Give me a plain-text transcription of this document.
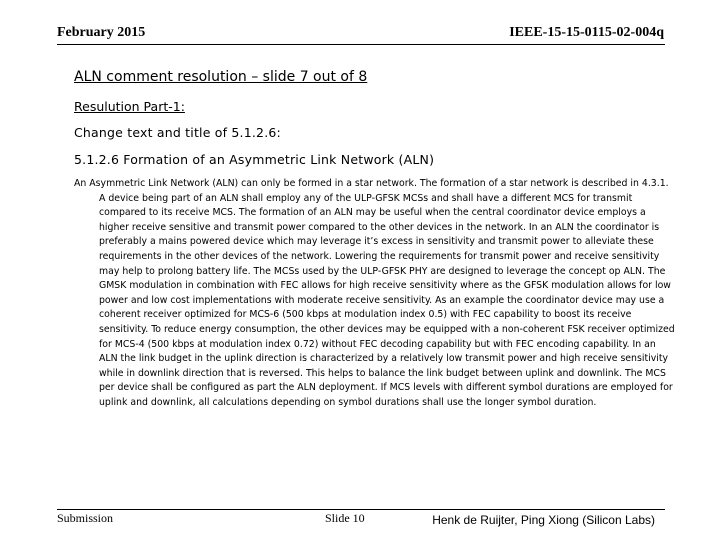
February 2015	IEEE-15-15-0115-02-004q
ALN comment resolution – slide 7 out of 8
Resulution Part-1:
Change text and title of 5.1.2.6:
5.1.2.6 Formation of an Asymmetric Link Network (ALN)

An Asymmetric Link Network (ALN) can only be formed in a star network. The formation of a star network is described in 4.3.1. A device being part of an ALN shall employ any of the ULP-GFSK MCSs and shall have a different MCS for transmit compared to its receive MCS. The formation of an ALN may be useful when the central coordinator device employs a higher receive sensitive and transmit power compared to the other devices in the network. In an ALN the coordinator is preferably a mains powered device which may leverage it’s excess in sensitivity and transmit power to alleviate these requirements in the other devices of the network. Lowering the requirements for transmit power and receive sensitivity may help to prolong battery life. The MCSs used by the ULP-GFSK PHY are designed to leverage the concept op ALN. The GMSK modulation in combination with FEC allows for high receive sensitivity where as the GFSK modulation allows for low power and low cost implementations with moderate receive sensitivity. As an example the coordinator device may use a coherent receiver optimized for MCS-6 (500 kbps at modulation index 0.5) with FEC capability to boost its receive sensitivity. To reduce energy consumption, the other devices may be equipped with a non-coherent FSK receiver optimized for MCS-4 (500 kbps at modulation index 0.72) without FEC decoding capability but with FEC encoding capability. In an ALN the link budget in the uplink direction is characterized by a relatively low transmit power and high receive sensitivity while in downlink direction that is reversed. This helps to balance the link budget between uplink and downlink. The MCS per device shall be configured as part the ALN deployment. If MCS levels with different symbol durations are employed for uplink and downlink, all calculations depending on symbol durations shall use the longer symbol duration.

Submission	Slide 10	Henk de Ruijter, Ping Xiong (Silicon Labs)
